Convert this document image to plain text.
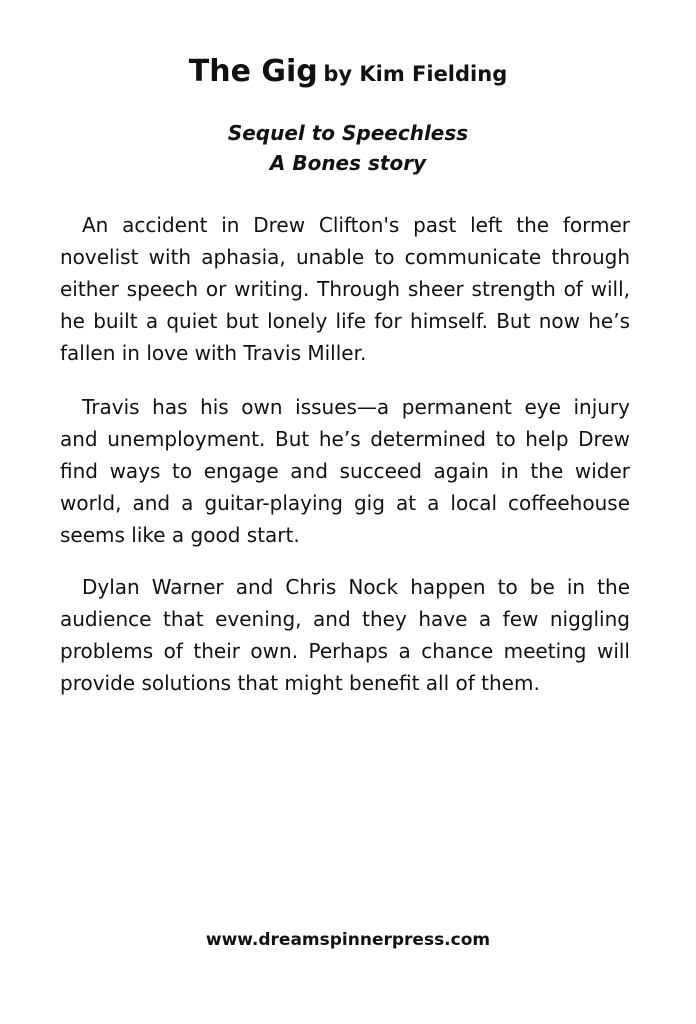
The Gig by Kim Fielding
Sequel to Speechless
A Bones story

An accident in Drew Clifton's past left the former novelist with aphasia, unable to communicate through either speech or writing. Through sheer strength of will, he built a quiet but lonely life for himself. But now he’s fallen in love with Travis Miller.

Travis has his own issues—a permanent eye injury and unemployment. But he’s determined to help Drew find ways to engage and succeed again in the wider world, and a guitar-playing gig at a local coffeehouse seems like a good start.

Dylan Warner and Chris Nock happen to be in the audience that evening, and they have a few niggling problems of their own. Perhaps a chance meeting will provide solutions that might benefit all of them.

www.dreamspinnerpress.com
